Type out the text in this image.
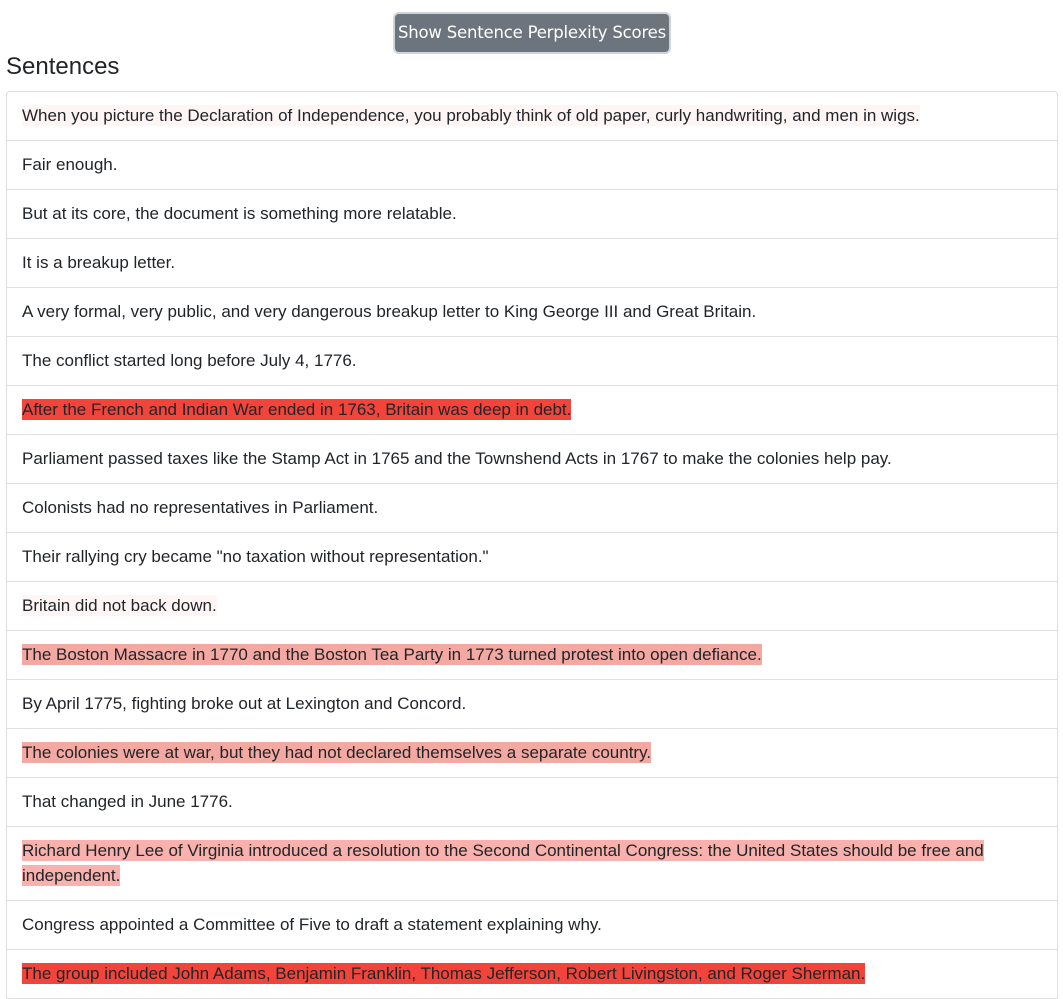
Show Sentence Perplexity Scores
Sentences
When you picture the Declaration of Independence, you probably think of old paper, curly handwriting, and men in wigs.
Fair enough.
But at its core, the document is something more relatable.
It is a breakup letter.
A very formal, very public, and very dangerous breakup letter to King George III and Great Britain.
The conflict started long before July 4, 1776.
After the French and Indian War ended in 1763, Britain was deep in debt.
Parliament passed taxes like the Stamp Act in 1765 and the Townshend Acts in 1767 to make the colonies help pay.
Colonists had no representatives in Parliament.
Their rallying cry became "no taxation without representation."
Britain did not back down.
The Boston Massacre in 1770 and the Boston Tea Party in 1773 turned protest into open defiance.
By April 1775, fighting broke out at Lexington and Concord.
The colonies were at war, but they had not declared themselves a separate country.
That changed in June 1776.
Richard Henry Lee of Virginia introduced a resolution to the Second Continental Congress: the United States should be free and independent.
Congress appointed a Committee of Five to draft a statement explaining why.
The group included John Adams, Benjamin Franklin, Thomas Jefferson, Robert Livingston, and Roger Sherman.
